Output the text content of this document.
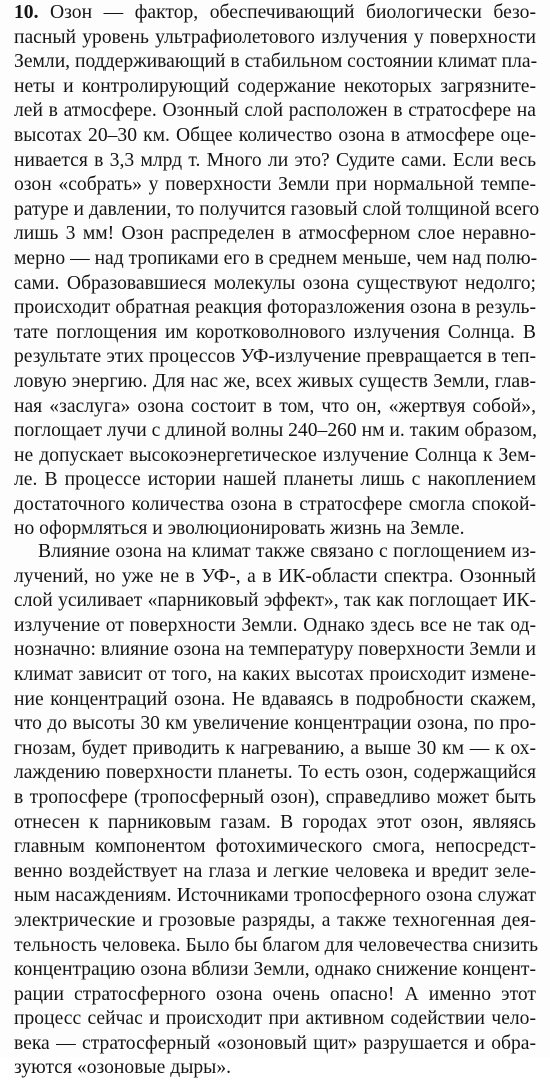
10. Озон — фактор, обеспечивающий биологически безо-
пасный уровень ультрафиолетового излучения у поверхности
Земли, поддерживающий в стабильном состоянии климат пла-
неты и контролирующий содержание некоторых загрязните-
лей в атмосфере. Озонный слой расположен в стратосфере на
высотах 20–30 км. Общее количество озона в атмосфере оце-
нивается в 3,3 млрд т. Много ли это? Судите сами. Если весь
озон «собрать» у поверхности Земли при нормальной темпе-
ратуре и давлении, то получится газовый слой толщиной всего
лишь 3 мм! Озон распределен в атмосферном слое неравно-
мерно –– над тропиками его в среднем меньше, чем над полю-
сами. Образовавшиеся молекулы озона существуют недолго;
происходит обратная реакция фоторазложения озона в резуль-
тате поглощения им коротковолнового излучения Солнца. В
результате этих процессов УФ-излучение превращается в теп-
ловую энергию. Для нас же, всех живых существ Земли, глав-
ная «заслуга» озона состоит в том, что он, «жертвуя собой»,
поглощает лучи с длиной волны 240–260 нм и. таким образом,
не допускает высокоэнергетическое излучение Солнца к Зем-
ле. В процессе истории нашей планеты лишь с накоплением
достаточного количества озона в стратосфере смогла спокой-
но оформляться и эволюционировать жизнь на Земле.
Влияние озона на климат также связано с поглощением из-
лучений, но уже не в УФ-, а в ИК-области спектра. Озонный
слой усиливает «парниковый эффект», так как поглощает ИК-
излучение от поверхности Земли. Однако здесь все не так од-
нозначно: влияние озона на температуру поверхности Земли и
климат зависит от того, на каких высотах происходит измене-
ние концентраций озона. Не вдаваясь в подробности скажем,
что до высоты 30 км увеличение концентрации озона, по про-
гнозам, будет приводить к нагреванию, а выше 30 км — к ох-
лаждению поверхности планеты. То есть озон, содержащийся
в тропосфере (тропосферный озон), справедливо может быть
отнесен к парниковым газам. В городах этот озон, являясь
главным компонентом фотохимического смога, непосредст-
венно воздействует на глаза и легкие человека и вредит зеле-
ным насаждениям. Источниками тропосферного озона служат
электрические и грозовые разряды, а также техногенная дея-
тельность человека. Было бы благом для человечества снизить
концентрацию озона вблизи Земли, однако снижение концент-
рации стратосферного озона очень опасно! А именно этот
процесс сейчас и происходит при активном содействии чело-
века — стратосферный «озоновый щит» разрушается и обра-
зуются «озоновые дыры».
